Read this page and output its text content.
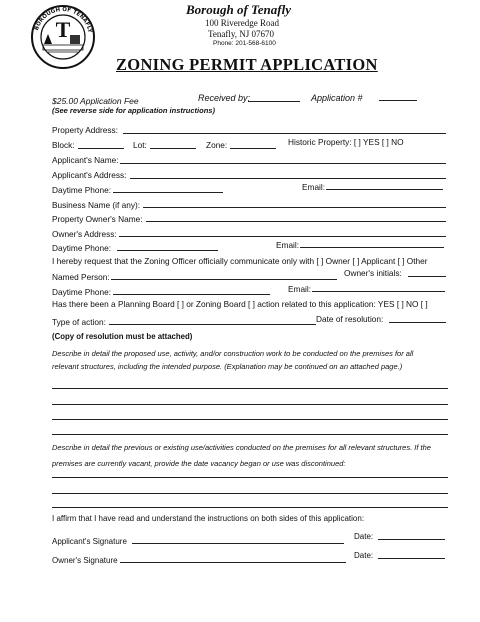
BOROUGH OF TENAFLY
T
Borough of Tenafly
100 Riveredge Road
Tenafly, NJ 07670
Phone: 201-568-6100
ZONING PERMIT APPLICATION
$25.00 Application Fee	Received by:	Application #
(See reverse side for application instructions)
Property Address:
Block:	Lot:	Zone:	Historic Property: [ ] YES [ ] NO
Applicant's Name:
Applicant's Address:
Daytime Phone:	Email:
Business Name (if any):
Property Owner's Name:
Owner's Address:
Daytime Phone:	Email:
I hereby request that the Zoning Officer officially communicate only with [ ] Owner [ ] Applicant [ ] Other
Named Person:	Owner's initials:
Daytime Phone:	Email:
Has there been a Planning Board [ ] or Zoning Board [ ] action related to this application: YES [ ] NO [ ]
Type of action:	Date of resolution:
(Copy of resolution must be attached)
Describe in detail the proposed use, activity, and/or construction work to be conducted on the premises for all
relevant structures, including the intended purpose. (Explanation may be continued on an attached page.)
Describe in detail the previous or existing use/activities conducted on the premises for all relevant structures. If the
premises are currently vacant, provide the date vacancy began or use was discontinued:
I affirm that I have read and understand the instructions on both sides of this application:
Applicant's Signature
Date:
Owner's Signature
Date:
